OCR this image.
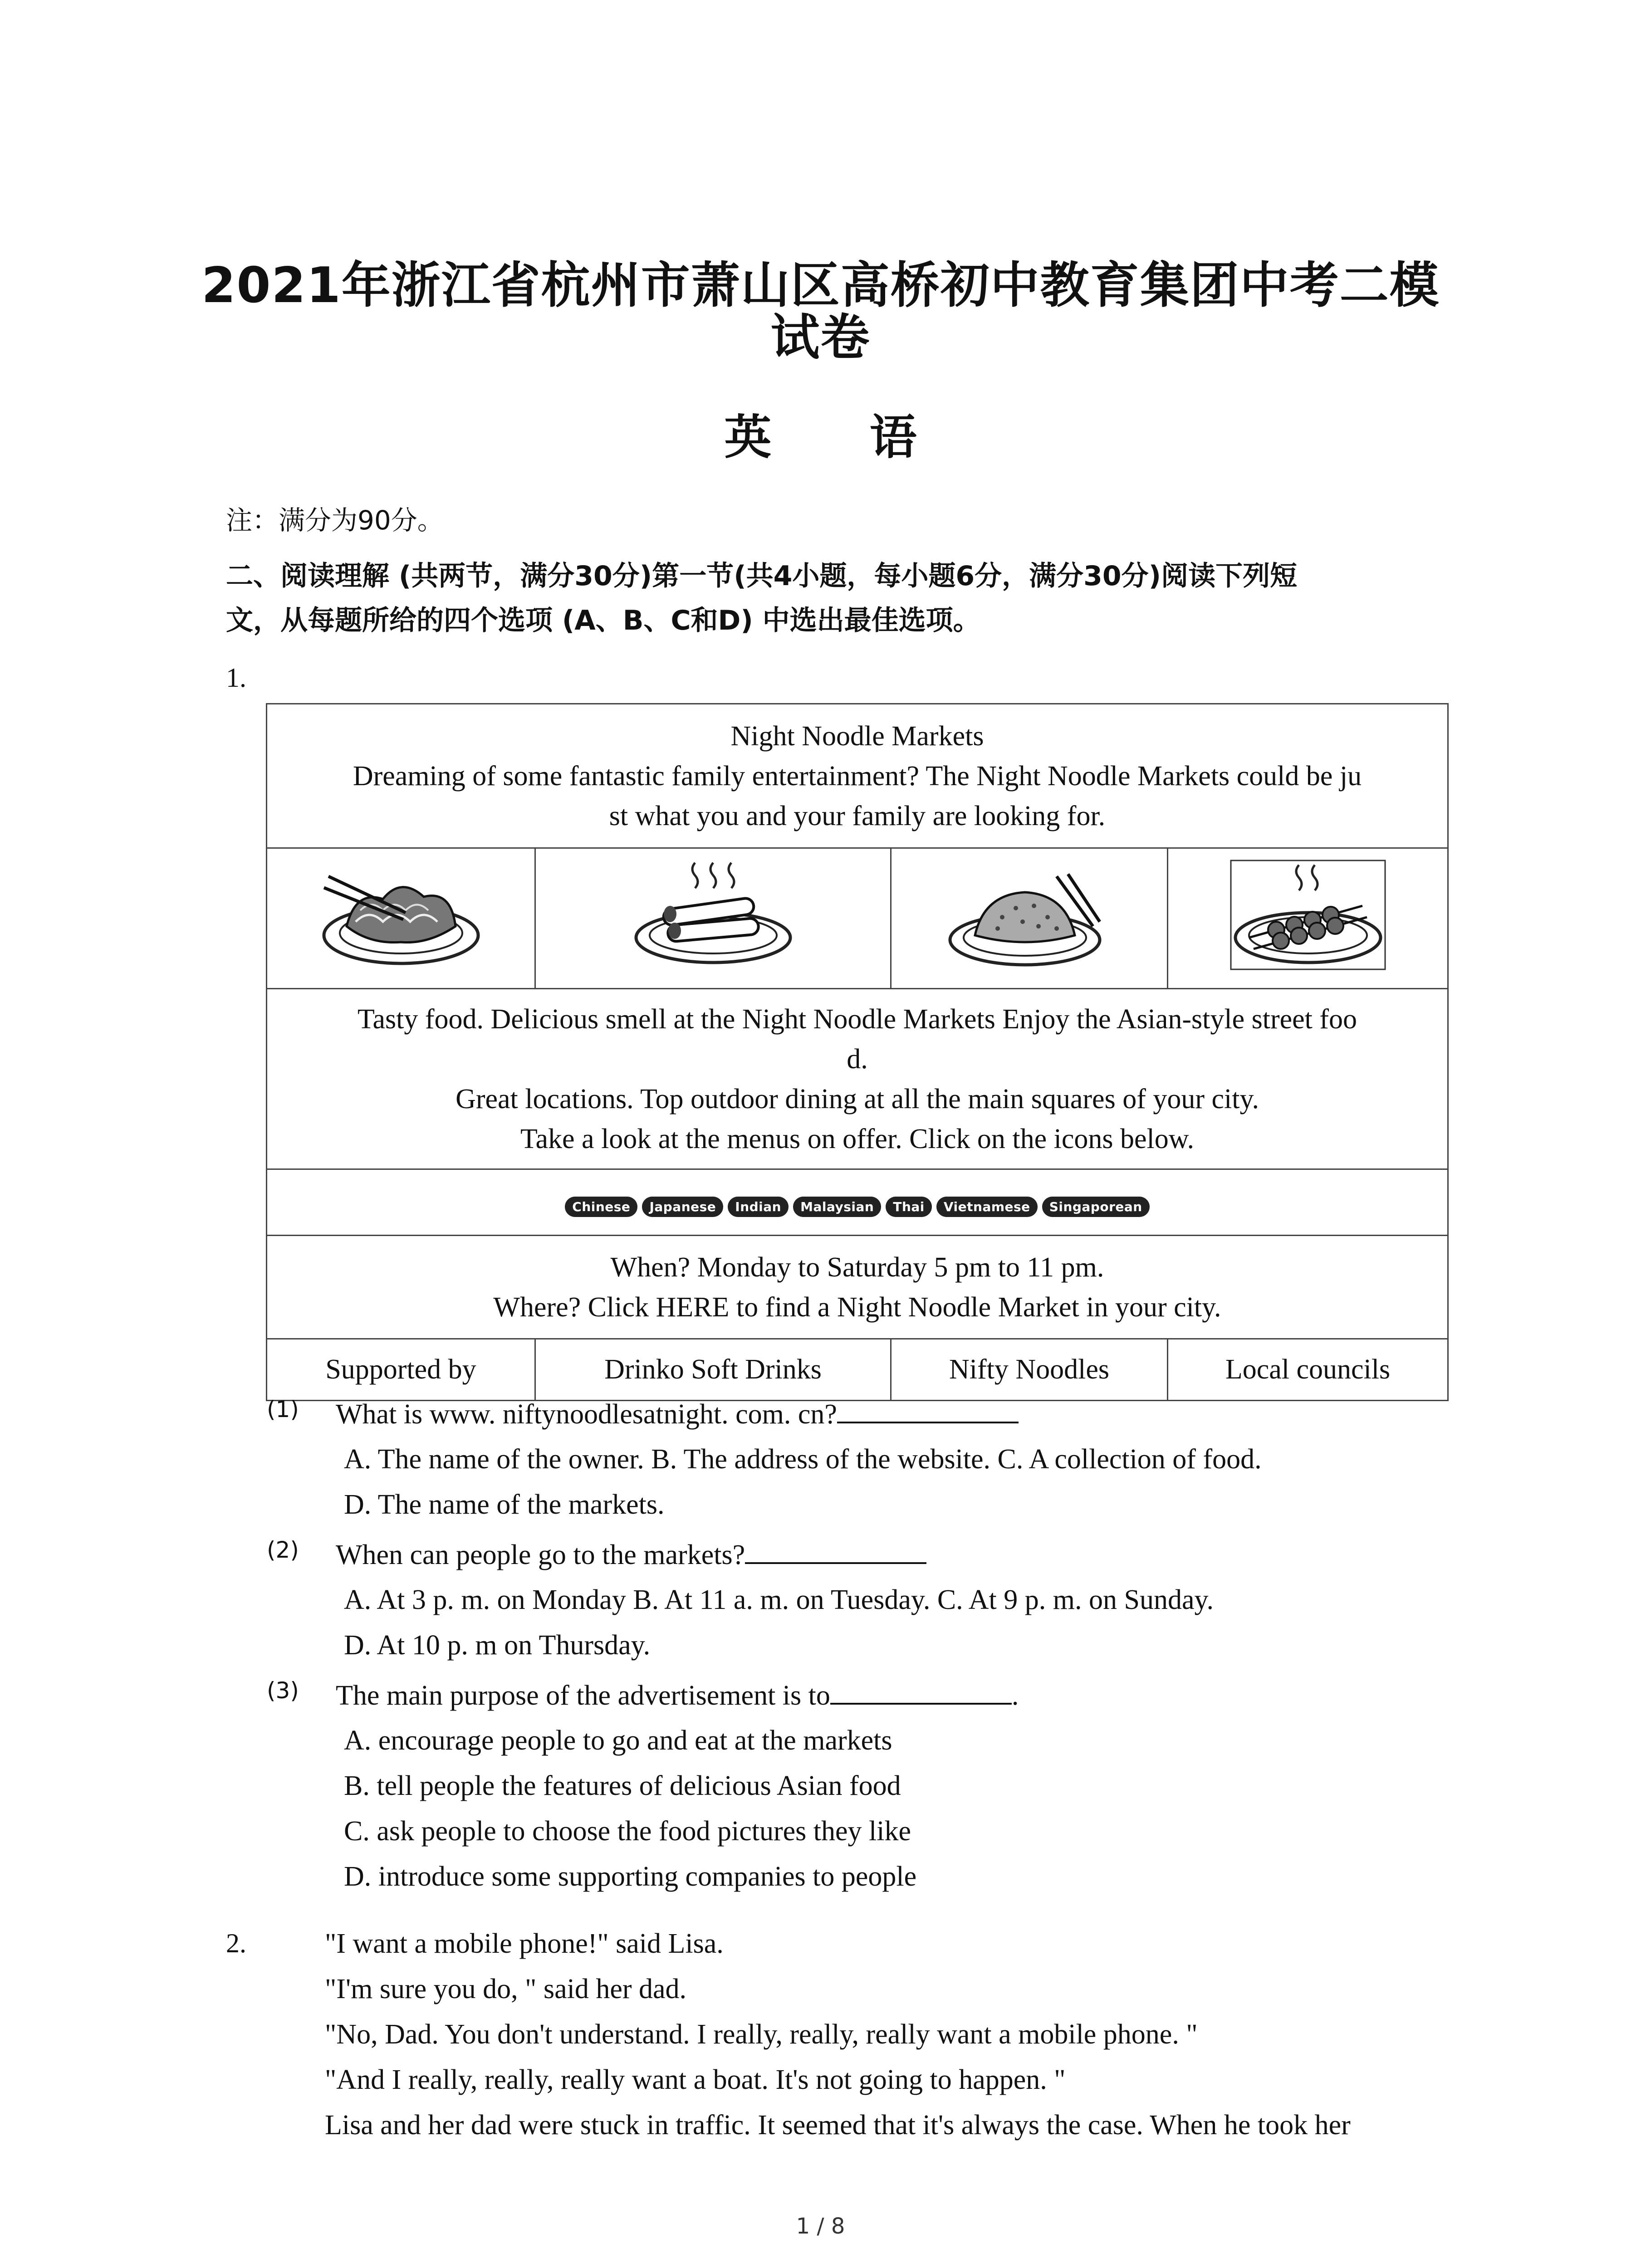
2021年浙江省杭州市萧山区高桥初中教育集团中考二模
试卷
英 语
注：满分为90分。
二、阅读理解 (共两节，满分30分)第一节(共4小题，每小题6分，满分30分)阅读下列短
文，从每题所给的四个选项 (A、B、C和D) 中选出最佳选项。
1.
Night Noodle Markets
Dreaming of some fantastic family entertainment? The Night Noodle Markets could be ju
st what you and your family are looking for.			

Tasty food. Delicious smell at the Night Noodle Markets Enjoy the Asian-style street foo
d.
Great locations. Top outdoor dining at all the main squares of your city.
Take a look at the menus on offer. Click on the icons below.			

Chinese Japanese Indian Malaysian Thai Vietnamese Singaporean			

When? Monday to Saturday 5 pm to 11 pm.
Where? Click HERE to find a Night Noodle Market in your city.			

Supported by	Drinko Soft Drinks	Nifty Noodles	Local councils
(1) What is www. niftynoodlesatnight. com. cn?
A. The name of the owner. B. The address of the website. C. A collection of food.
D. The name of the markets.
(2) When can people go to the markets?
A. At 3 p. m. on Monday B. At 11 a. m. on Tuesday. C. At 9 p. m. on Sunday.
D. At 10 p. m on Thursday.
(3) The main purpose of the advertisement is to	.
A. encourage people to go and eat at the markets
B. tell people the features of delicious Asian food
C. ask people to choose the food pictures they like
D. introduce some supporting companies to people
2.	"I want a mobile phone!" said Lisa.
"I'm sure you do, " said her dad.
"No, Dad. You don't understand. I really, really, really want a mobile phone. "
"And I really, really, really want a boat. It's not going to happen. "
Lisa and her dad were stuck in traffic. It seemed that it's always the case. When he took her
1 / 8
